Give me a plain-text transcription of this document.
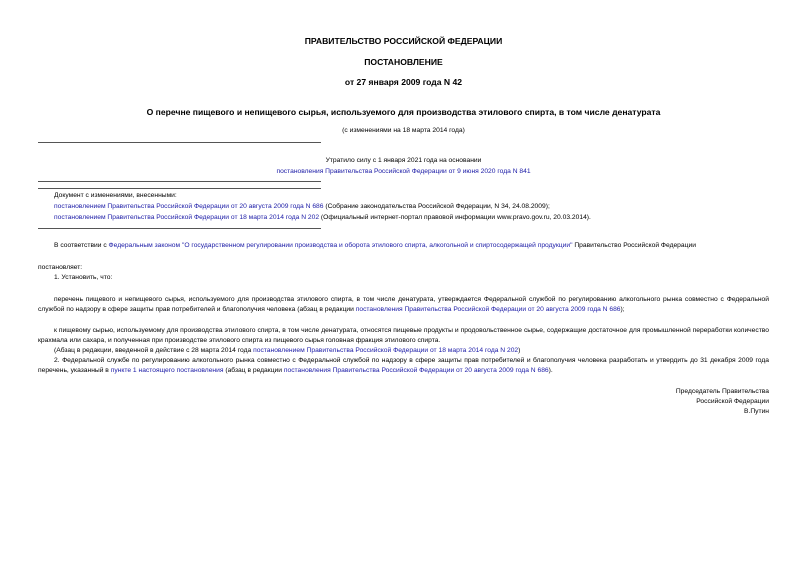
ПРАВИТЕЛЬСТВО РОССИЙСКОЙ ФЕДЕРАЦИИ
ПОСТАНОВЛЕНИЕ
от 27 января 2009 года N 42
О перечне пищевого и непищевого сырья, используемого для производства этилового спирта, в том числе денатурата
(с изменениями на 18 марта 2014 года)
Утратило силу с 1 января 2021 года на основании
постановления Правительства Российской Федерации от 9 июня 2020 года N 841
Документ с изменениями, внесенными:
постановлением Правительства Российской Федерации от 20 августа 2009 года N 686 (Собрание законодательства Российской Федерации, N 34, 24.08.2009);
постановлением Правительства Российской Федерации от 18 марта 2014 года N 202 (Официальный интернет-портал правовой информации www.pravo.gov.ru, 20.03.2014).
В соответствии с Федеральным законом "О государственном регулировании производства и оборота этилового спирта, алкогольной и спиртосодержащей продукции" Правительство Российской Федерации
постановляет:
1. Установить, что:
перечень пищевого и непищевого сырья, используемого для производства этилового спирта, в том числе денатурата, утверждается Федеральной службой по регулированию алкогольного рынка совместно с Федеральной службой по надзору в сфере защиты прав потребителей и благополучия человека (абзац в редакции постановления Правительства Российской Федерации от 20 августа 2009 года N 686);
к пищевому сырью, используемому для производства этилового спирта, в том числе денатурата, относятся пищевые продукты и продовольственное сырье, содержащие достаточное для промышленной переработки количество крахмала или сахара, и полученная при производстве этилового спирта из пищевого сырья головная фракция этилового спирта.
(Абзац в редакции, введенной в действие с 28 марта 2014 года постановлением Правительства Российской Федерации от 18 марта 2014 года N 202)
2. Федеральной службе по регулированию алкогольного рынка совместно с Федеральной службой по надзору в сфере защиты прав потребителей и благополучия человека разработать и утвердить до 31 декабря 2009 года перечень, указанный в пункте 1 настоящего постановления (абзац в редакции постановления Правительства Российской Федерации от 20 августа 2009 года N 686).
Председатель Правительства
Российской Федерации
В.Путин
